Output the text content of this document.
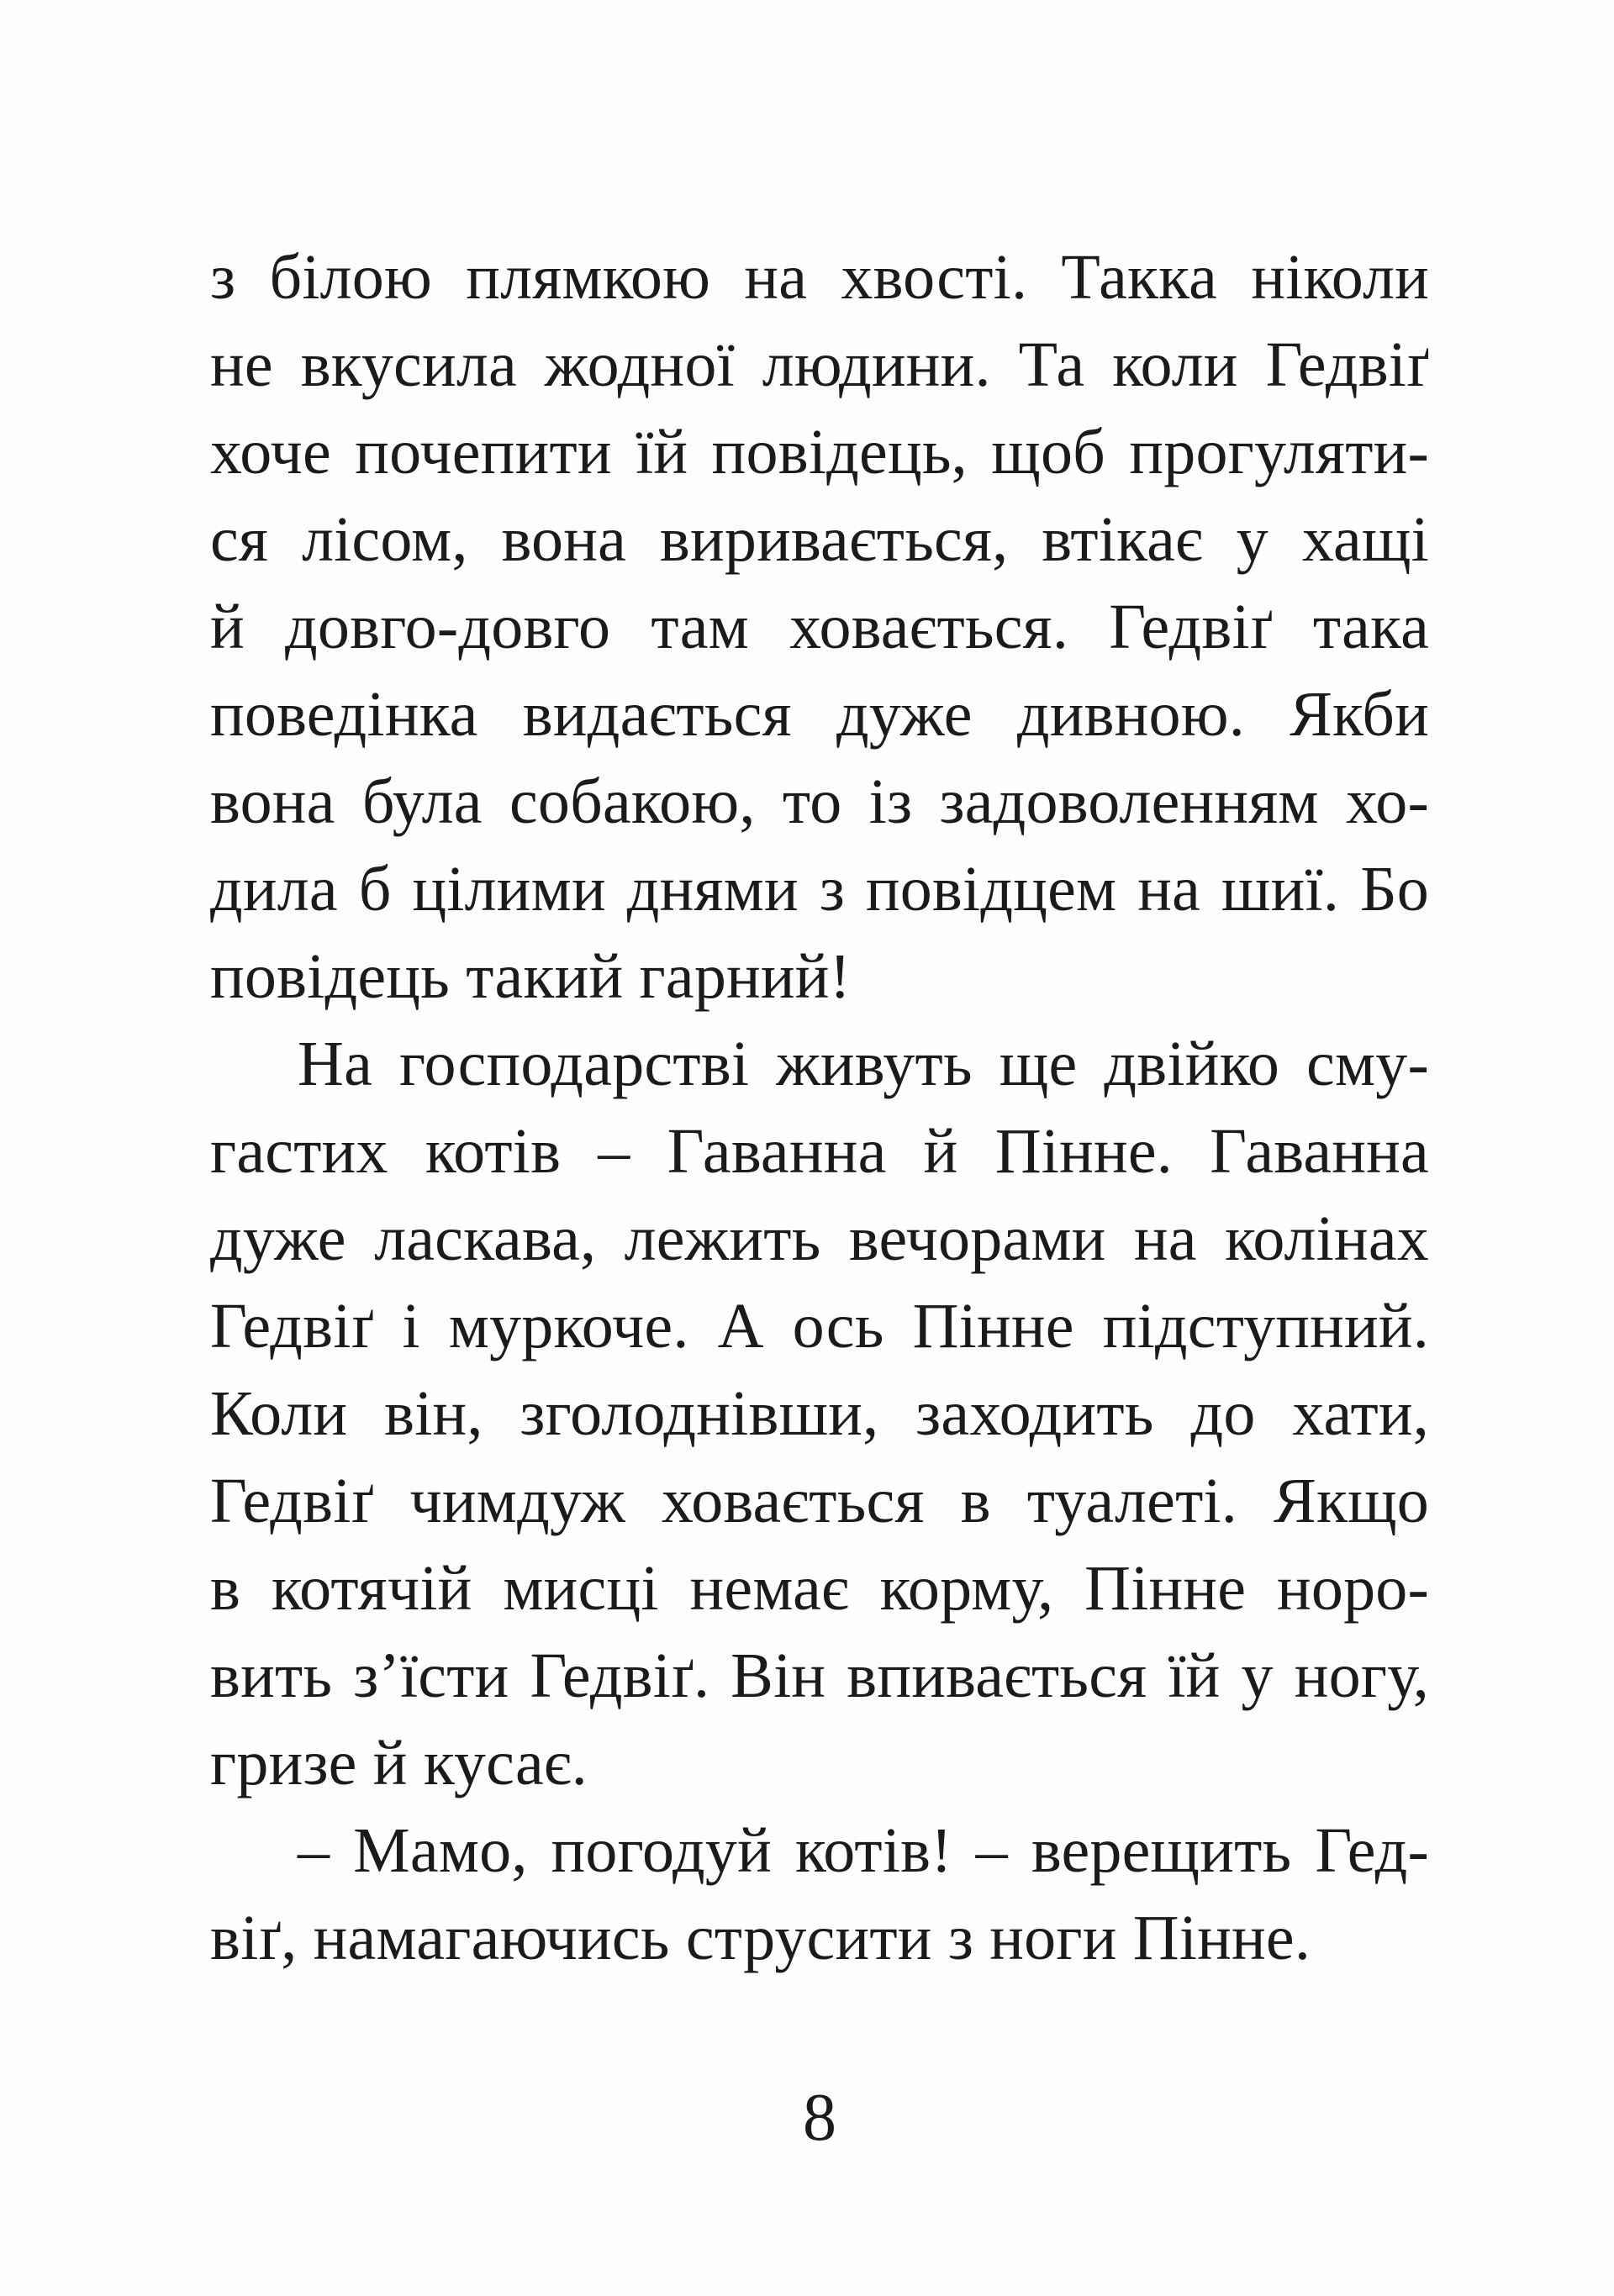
з білою плямкою на хвості. Такка ніколи

не вкусила жодної людини. Та коли Гедвіґ

хоче почепити їй повідець, щоб прогуляти-

ся лісом, вона виривається, втікає у хащі

й довго-довго там ховається. Гедвіґ така

поведінка видається дуже дивною. Якби

вона була собакою, то із задоволенням хо-

дила б цілими днями з повідцем на шиї. Бо

повідець такий гарний!

На господарстві живуть ще двійко сму-

гастих котів – Гаванна й Пінне. Гаванна

дуже ласкава, лежить вечорами на колінах

Гедвіґ і муркоче. А ось Пінне підступний.

Коли він, зголоднівши, заходить до хати,

Гедвіґ чимдуж ховається в туалеті. Якщо

в котячій мисці немає корму, Пінне норо-

вить з’їсти Гедвіґ. Він впивається їй у ногу,

гризе й кусає.

– Мамо, погодуй котів! – верещить Гед-

віґ, намагаючись струсити з ноги Пінне.

8
